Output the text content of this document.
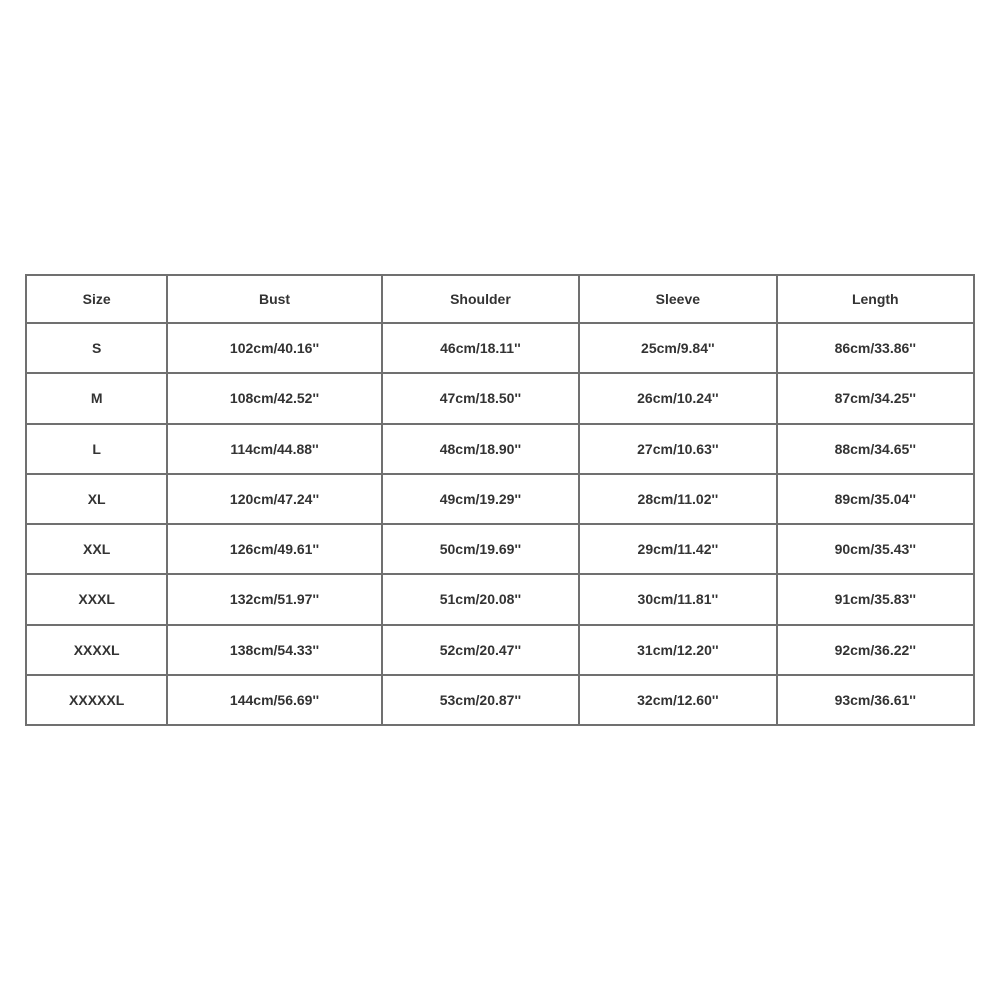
Size	Bust	Shoulder	Sleeve	Length
S	102cm/40.16''	46cm/18.11''	25cm/9.84''	86cm/33.86''
M	108cm/42.52''	47cm/18.50''	26cm/10.24''	87cm/34.25''
L	114cm/44.88''	48cm/18.90''	27cm/10.63''	88cm/34.65''
XL	120cm/47.24''	49cm/19.29''	28cm/11.02''	89cm/35.04''
XXL	126cm/49.61''	50cm/19.69''	29cm/11.42''	90cm/35.43''
XXXL	132cm/51.97''	51cm/20.08''	30cm/11.81''	91cm/35.83''
XXXXL	138cm/54.33''	52cm/20.47''	31cm/12.20''	92cm/36.22''
XXXXXL	144cm/56.69''	53cm/20.87''	32cm/12.60''	93cm/36.61''
